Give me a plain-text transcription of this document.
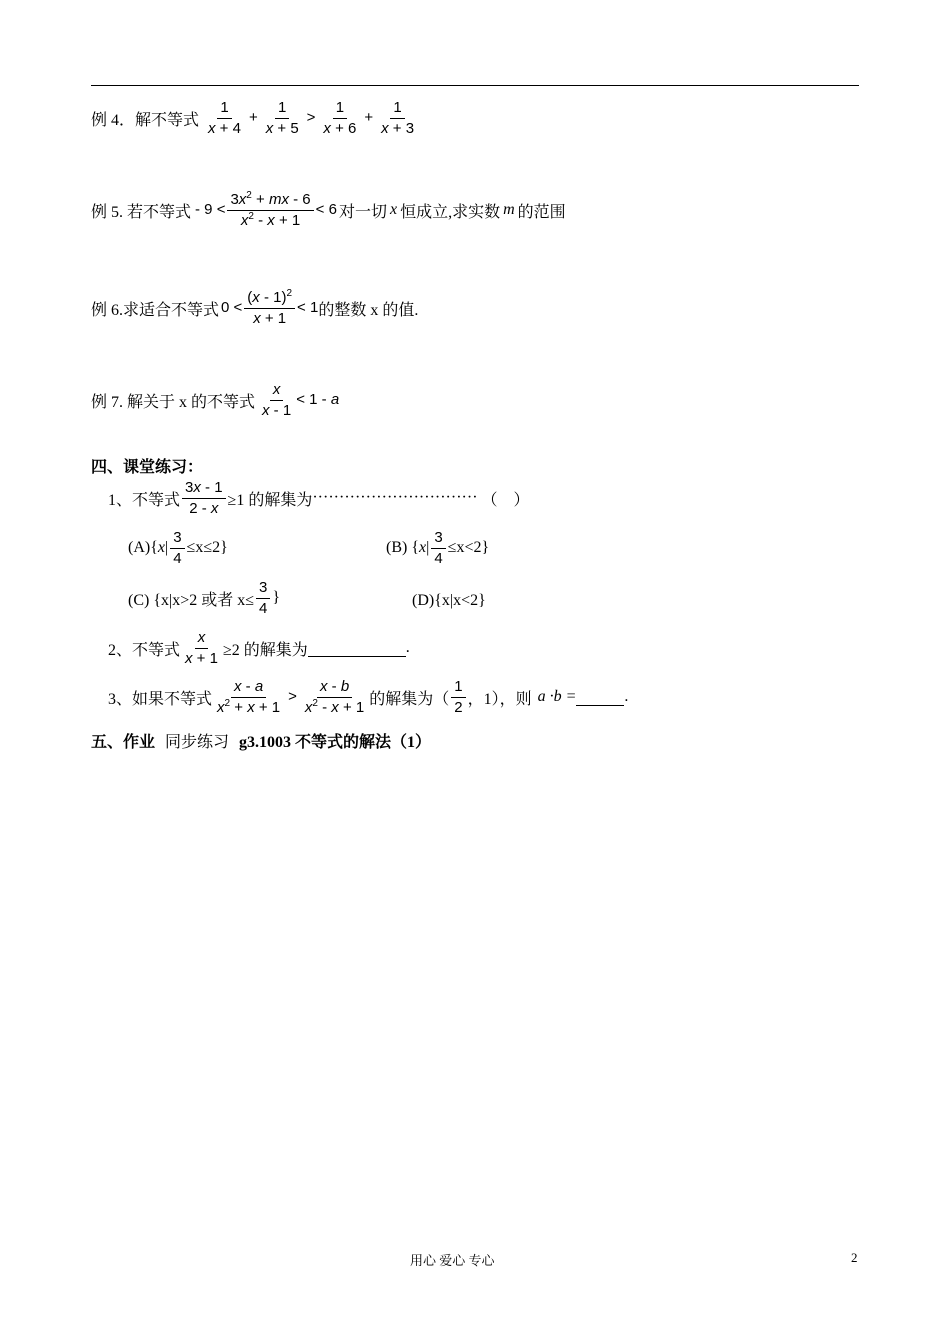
例 4．解不等式 $\frac{1}{x + 4} + \frac{1}{x + 5} > \frac{1}{x + 6} + \frac{1}{x + 3}$
例 5. 若不等式 - $9 < \frac{3x^2 + mx - 6}{x^2 - x + 1} < 6$ 对一切 x 恒成立,求实数 m 的范围
例 6.求适合不等式 $0 < \frac{(x - 1)^2}{x + 1} < 1$ 的整数 x 的值.
例 7. 解关于 x 的不等式 $\frac{x}{x - 1} < 1 - a$
四、课堂练习：
1、不等式 $\frac{3x - 1}{2 - x} \ge 1$ 的解集为 ······························· （　）
(A){ x | $\frac{3}{4} \le x\le 2$}	(B) { x | $\frac{3}{4} \le x<2$}
(C) {x|x>2 或者 $x\le \frac{3}{4}$ }	(D){x|x<2}
2、不等式 $\frac{x}{x + 1} \ge 2$ 的解集为	.
3、如果不等式 $\frac{x - a}{x^2 + x + 1} > \frac{x - b}{x^2 - x + 1}$ 的解集为（ $\frac{1}{2}$ ，1），则 a ·b =	.
五、作业 同步练习 g3.1003 不等式的解法（1）
用心 爱心 专心	2
